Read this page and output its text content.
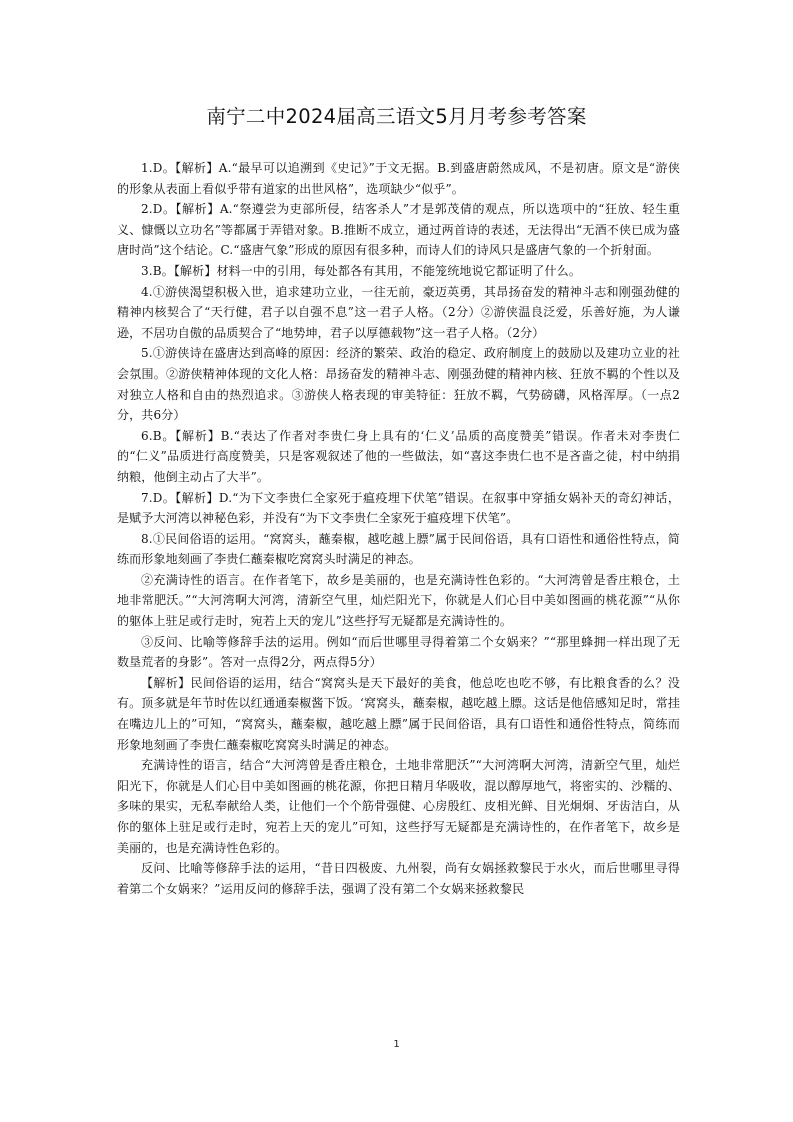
南宁二中2024届高三语文5月月考参考答案

1.D。【解析】A.“最早可以追溯到《史记》”于文无据。B.到盛唐蔚然成风，不是初唐。原文是“游侠的形象从表面上看似乎带有道家的出世风格”，选项缺少“似乎”。

2.D。【解析】A.“祭遵尝为吏部所侵，结客杀人”才是郭茂倩的观点，所以选项中的“狂放、轻生重义、慷慨以立功名”等都属于弄错对象。B.推断不成立，通过两首诗的表述，无法得出“无酒不侠已成为盛唐时尚”这个结论。C.“盛唐气象”形成的原因有很多种，而诗人们的诗风只是盛唐气象的一个折射面。

3.B。【解析】材料一中的引用，每处都各有其用，不能笼统地说它都证明了什么。

4.①游侠渴望积极入世，追求建功立业，一往无前，豪迈英勇，其昂扬奋发的精神斗志和刚强劲健的精神内核契合了“天行健，君子以自强不息”这一君子人格。（2分）②游侠温良泛爱，乐善好施，为人谦逊，不居功自傲的品质契合了“地势坤，君子以厚德载物”这一君子人格。（2分）

5.①游侠诗在盛唐达到高峰的原因：经济的繁荣、政治的稳定、政府制度上的鼓励以及建功立业的社会氛围。②游侠精神体现的文化人格：昂扬奋发的精神斗志、刚强劲健的精神内核、狂放不羁的个性以及对独立人格和自由的热烈追求。③游侠人格表现的审美特征：狂放不羁，气势磅礴，风格浑厚。（一点2分，共6分）

6.B。【解析】B.“表达了作者对李贵仁身上具有的‘仁义’品质的高度赞美”错误。作者未对李贵仁的“仁义”品质进行高度赞美，只是客观叙述了他的一些做法，如“喜这李贵仁也不是吝啬之徒，村中纳捐纳粮，他倒主动占了大半”。

7.D。【解析】D.“为下文李贵仁全家死于瘟疫埋下伏笔”错误。在叙事中穿插女娲补天的奇幻神话，是赋予大河湾以神秘色彩，并没有“为下文李贵仁全家死于瘟疫埋下伏笔”。

8.①民间俗语的运用。“窝窝头，蘸秦椒，越吃越上膘”属于民间俗语，具有口语性和通俗性特点，简练而形象地刻画了李贵仁蘸秦椒吃窝窝头时满足的神态。

②充满诗性的语言。在作者笔下，故乡是美丽的，也是充满诗性色彩的。“大河湾曾是香庄粮仓，土地非常肥沃。”“大河湾啊大河湾，清新空气里，灿烂阳光下，你就是人们心目中美如图画的桃花源”“从你的躯体上驻足或行走时，宛若上天的宠儿”这些抒写无疑都是充满诗性的。

③反问、比喻等修辞手法的运用。例如“而后世哪里寻得着第二个女娲来？”“那里蜂拥一样出现了无数垦荒者的身影”。答对一点得2分，两点得5分）

【解析】民间俗语的运用，结合“窝窝头是天下最好的美食，他总吃也吃不够，有比粮食香的么？没有。顶多就是年节时佐以红通通秦椒酱下饭。‘窝窝头，蘸秦椒，越吃越上膘。这话是他倍感知足时，常挂在嘴边儿上的”可知，“窝窝头，蘸秦椒，越吃越上膘”属于民间俗语，具有口语性和通俗性特点，简练而形象地刻画了李贵仁蘸秦椒吃窝窝头时满足的神态。

充满诗性的语言，结合“大河湾曾是香庄粮仓，土地非常肥沃”“大河湾啊大河湾，清新空气里，灿烂阳光下，你就是人们心目中美如图画的桃花源，你把日精月华吸收，混以醇厚地气，将密实的、沙糯的、多味的果实，无私奉献给人类，让他们一个个筋骨强健、心房殷红、皮相光鲜、目光炯炯、牙齿洁白，从你的躯体上驻足或行走时，宛若上天的宠儿”可知，这些抒写无疑都是充满诗性的，在作者笔下，故乡是美丽的，也是充满诗性色彩的。

反问、比喻等修辞手法的运用，“昔日四极废、九州裂，尚有女娲拯救黎民于水火，而后世哪里寻得着第二个女娲来？”运用反问的修辞手法，强调了没有第二个女娲来拯救黎民

1
